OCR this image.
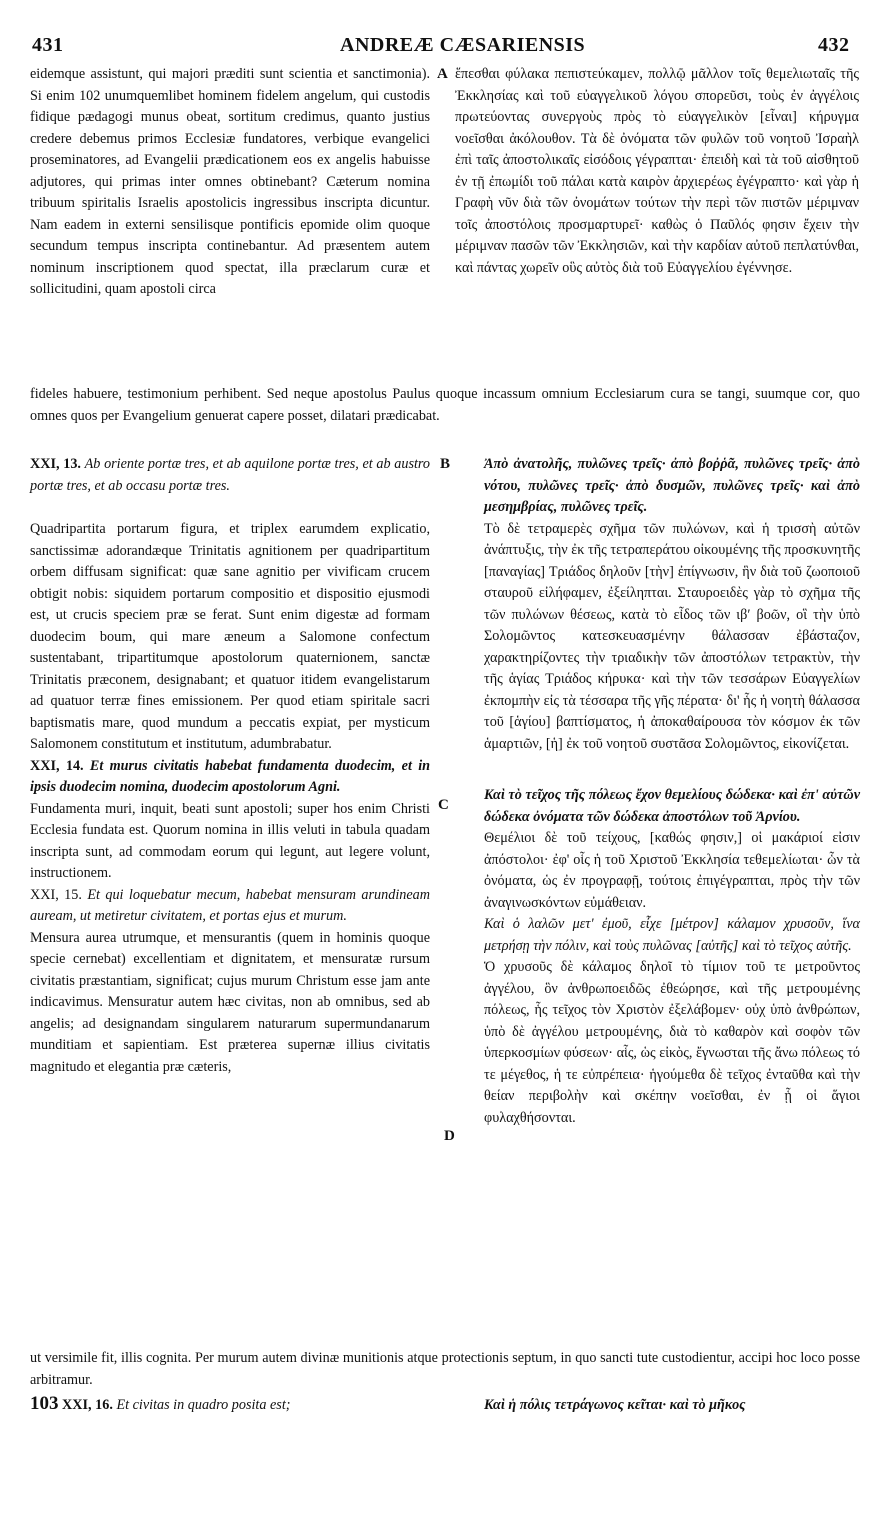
431	ANDREÆ CÆSARIENSIS	432
A
B
C
D

eidemque assistunt, qui majori præditi sunt scientia et sanctimonia). Si enim 102 unumquemlibet hominem fidelem angelum, qui custodis fidique pædagogi munus obeat, sortitum credimus, quanto justius credere debemus primos Ecclesiæ fundatores, verbique evangelici proseminatores, ad Evangelii prædicationem eos ex angelis habuisse adjutores, qui primas inter omnes obtinebant? Cæterum nomina tribuum spiritalis Israelis apostolicis ingressibus inscripta dicuntur. Nam eadem in externi sensilisque pontificis epomide olim quoque secundum tempus inscripta continebantur. Ad præsentem autem nominum inscriptionem quod spectat, illa præclarum curæ et sollicitudini, quam apostoli circa

ἕπεσθαι φύλακα πεπιστεύκαμεν, πολλῷ μᾶλλον τοῖς θεμελιωταῖς τῆς Ἐκκλησίας καὶ τοῦ εὐαγγελικοῦ λόγου σπορεῦσι, τοὺς ἐν ἀγγέλοις πρωτεύοντας συνεργοὺς πρὸς τὸ εὐαγγελικὸν [εἶναι] κήρυγμα νοεῖσθαι ἀκόλουθον. Τὰ δὲ ὀνόματα τῶν φυλῶν τοῦ νοητοῦ Ἰσραὴλ ἐπὶ ταῖς ἀποστολικαῖς εἰσόδοις γέγραπται· ἐπειδὴ καὶ τὰ τοῦ αἰσθητοῦ ἐν τῇ ἐπωμίδι τοῦ πάλαι κατὰ καιρὸν ἀρχιερέως ἐγέγραπτο· καὶ γὰρ ἡ Γραφὴ νῦν διὰ τῶν ὀνομάτων τούτων τὴν περὶ τῶν πιστῶν μέριμναν τοῖς ἀποστόλοις προσμαρτυρεῖ· καθὼς ὁ Παῦλός φησιν ἔχειν τὴν μέριμναν πασῶν τῶν Ἐκκλησιῶν, καὶ τὴν καρδίαν αὐτοῦ πεπλατύνθαι, καὶ πάντας χωρεῖν οὓς αὐτὸς διὰ τοῦ Εὐαγγελίου ἐγέννησε.

fideles habuere, testimonium perhibent. Sed neque apostolus Paulus quoque incassum omnium Ecclesiarum cura se tangi, suumque cor, quo omnes quos per Evangelium genuerat capere posset, dilatari prædicabat.

XXI, 13. Ab oriente portæ tres, et ab aquilone portæ tres, et ab austro portæ tres, et ab occasu portæ tres.

Quadripartita portarum figura, et triplex earumdem explicatio, sanctissimæ adorandæque Trinitatis agnitionem per quadripartitum orbem diffusam significat: quæ sane agnitio per vivificam crucem obtigit nobis: siquidem portarum compositio et dispositio ejusmodi est, ut crucis speciem præ se ferat. Sunt enim digestæ ad formam duodecim boum, qui mare æneum a Salomone confectum sustentabant, tripartitumque apostolorum quaternionem, sanctæ Trinitatis præconem, designabant; et quatuor itidem evangelistarum ad quatuor terræ fines emissionem. Per quod etiam spiritale sacri baptismatis mare, quod mundum a peccatis expiat, per mysticum Salomonem constitutum et institutum, adumbrabatur.

XXI, 14. Et murus civitatis habebat fundamenta duodecim, et in ipsis duodecim nomina, duodecim apostolorum Agni.

Fundamenta muri, inquit, beati sunt apostoli; super hos enim Christi Ecclesia fundata est. Quorum nomina in illis veluti in tabula quadam inscripta sunt, ad commodam eorum qui legunt, aut legere volunt, instructionem.

XXI, 15. Et qui loquebatur mecum, habebat mensuram arundineam auream, ut metiretur civitatem, et portas ejus et murum.

Mensura aurea utrumque, et mensurantis (quem in hominis quoque specie cernebat) excellentiam et dignitatem, et mensuratæ rursum civitatis præstantiam, significat; cujus murum Christum esse jam ante indicavimus. Mensuratur autem hæc civitas, non ab omnibus, sed ab angelis; ad designandam singularem naturarum supermundanarum munditiam et sapientiam. Est præterea supernæ illius civitatis magnitudo et elegantia præ cæteris,

Ἀπὸ ἀνατολῆς, πυλῶνες τρεῖς· ἀπὸ βοῤῥᾶ, πυλῶνες τρεῖς· ἀπὸ νότου, πυλῶνες τρεῖς· ἀπὸ δυσμῶν, πυλῶνες τρεῖς· καὶ ἀπὸ μεσημβρίας, πυλῶνες τρεῖς.

Τὸ δὲ τετραμερὲς σχῆμα τῶν πυλώνων, καὶ ἡ τρισσὴ αὐτῶν ἀνάπτυξις, τὴν ἐκ τῆς τετραπεράτου οἰκουμένης τῆς προσκυνητῆς [παναγίας] Τριάδος δηλοῦν [τὴν] ἐπίγνωσιν, ἣν διὰ τοῦ ζωοποιοῦ σταυροῦ εἰλήφαμεν, ἐξείληπται. Σταυροειδὲς γὰρ τὸ σχῆμα τῆς τῶν πυλώνων θέσεως, κατὰ τὸ εἶδος τῶν ιβʹ βοῶν, οἳ τὴν ὑπὸ Σολομῶντος κατεσκευασμένην θάλασσαν ἐβάσταζον, χαρακτηρίζοντες τὴν τριαδικὴν τῶν ἀποστόλων τετρακτὺν, τὴν τῆς ἁγίας Τριάδος κήρυκα· καὶ τὴν τῶν τεσσάρων Εὐαγγελίων ἐκπομπὴν εἰς τὰ τέσσαρα τῆς γῆς πέρατα· δι' ἧς ἡ νοητὴ θάλασσα τοῦ [ἁγίου] βαπτίσματος, ἡ ἀποκαθαίρουσα τὸν κόσμον ἐκ τῶν ἁμαρτιῶν, [ἡ] ἐκ τοῦ νοητοῦ συστᾶσα Σολομῶντος, εἰκονίζεται.

Καὶ τὸ τεῖχος τῆς πόλεως ἔχον θεμελίους δώδεκα· καὶ ἐπ' αὐτῶν δώδεκα ὀνόματα τῶν δώδεκα ἀποστόλων τοῦ Ἀρνίου.

Θεμέλιοι δὲ τοῦ τείχους, [καθώς φησιν,] οἱ μακάριοί εἰσιν ἀπόστολοι· ἐφ' οἷς ἡ τοῦ Χριστοῦ Ἐκκλησία τεθεμελίωται· ὧν τὰ ὀνόματα, ὡς ἐν προγραφῇ, τούτοις ἐπιγέγραπται, πρὸς τὴν τῶν ἀναγινωσκόντων εὐμάθειαν.

Καὶ ὁ λαλῶν μετ' ἐμοῦ, εἶχε [μέτρον] κάλαμον χρυσοῦν, ἵνα μετρήσῃ τὴν πόλιν, καὶ τοὺς πυλῶνας [αὐτῆς] καὶ τὸ τεῖχος αὐτῆς.

Ὁ χρυσοῦς δὲ κάλαμος δηλοῖ τὸ τίμιον τοῦ τε μετροῦντος ἀγγέλου, ὃν ἀνθρωποειδῶς ἐθεώρησε, καὶ τῆς μετρουμένης πόλεως, ἧς τεῖχος τὸν Χριστὸν ἐξελάβομεν· οὐχ ὑπὸ ἀνθρώπων, ὑπὸ δὲ ἀγγέλου μετρουμένης, διὰ τὸ καθαρὸν καὶ σοφὸν τῶν ὑπερκοσμίων φύσεων· αἷς, ὡς εἰκὸς, ἔγνωσται τῆς ἄνω πόλεως τό τε μέγεθος, ἡ τε εὐπρέπεια· ἡγούμεθα δὲ τεῖχος ἐνταῦθα καὶ τὴν θείαν περιβολὴν καὶ σκέπην νοεῖσθαι, ἐν ᾗ οἱ ἅγιοι φυλαχθήσονται.

ut versimile fit, illis cognita. Per murum autem divinæ munitionis atque protectionis septum, in quo sancti tute custodientur, accipi hoc loco posse arbitramur.
103 XXI, 16. Et civitas in quadro posita est;	Καὶ ἡ πόλις τετράγωνος κεῖται· καὶ τὸ μῆκος
